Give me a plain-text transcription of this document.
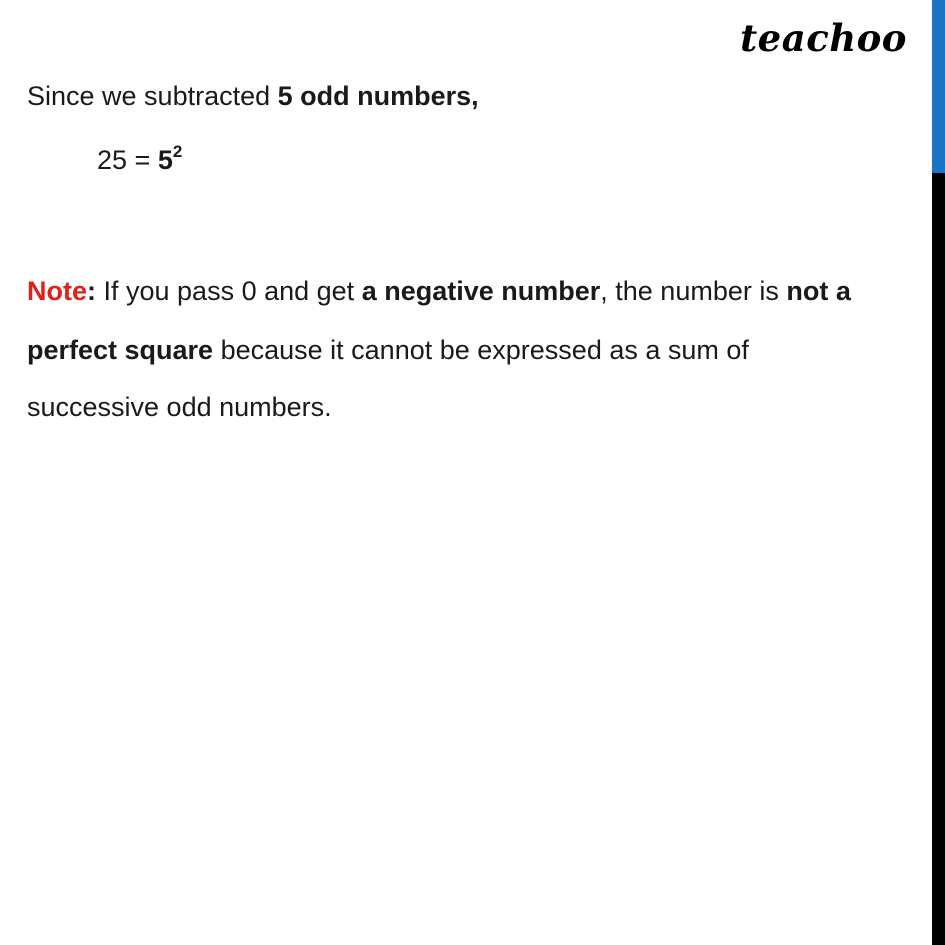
teachoo
Since we subtracted 5 odd numbers,
$25 = 5^2$
Note: If you pass 0 and get a negative number, the number is not a
perfect square because it cannot be expressed as a sum of
successive odd numbers.
